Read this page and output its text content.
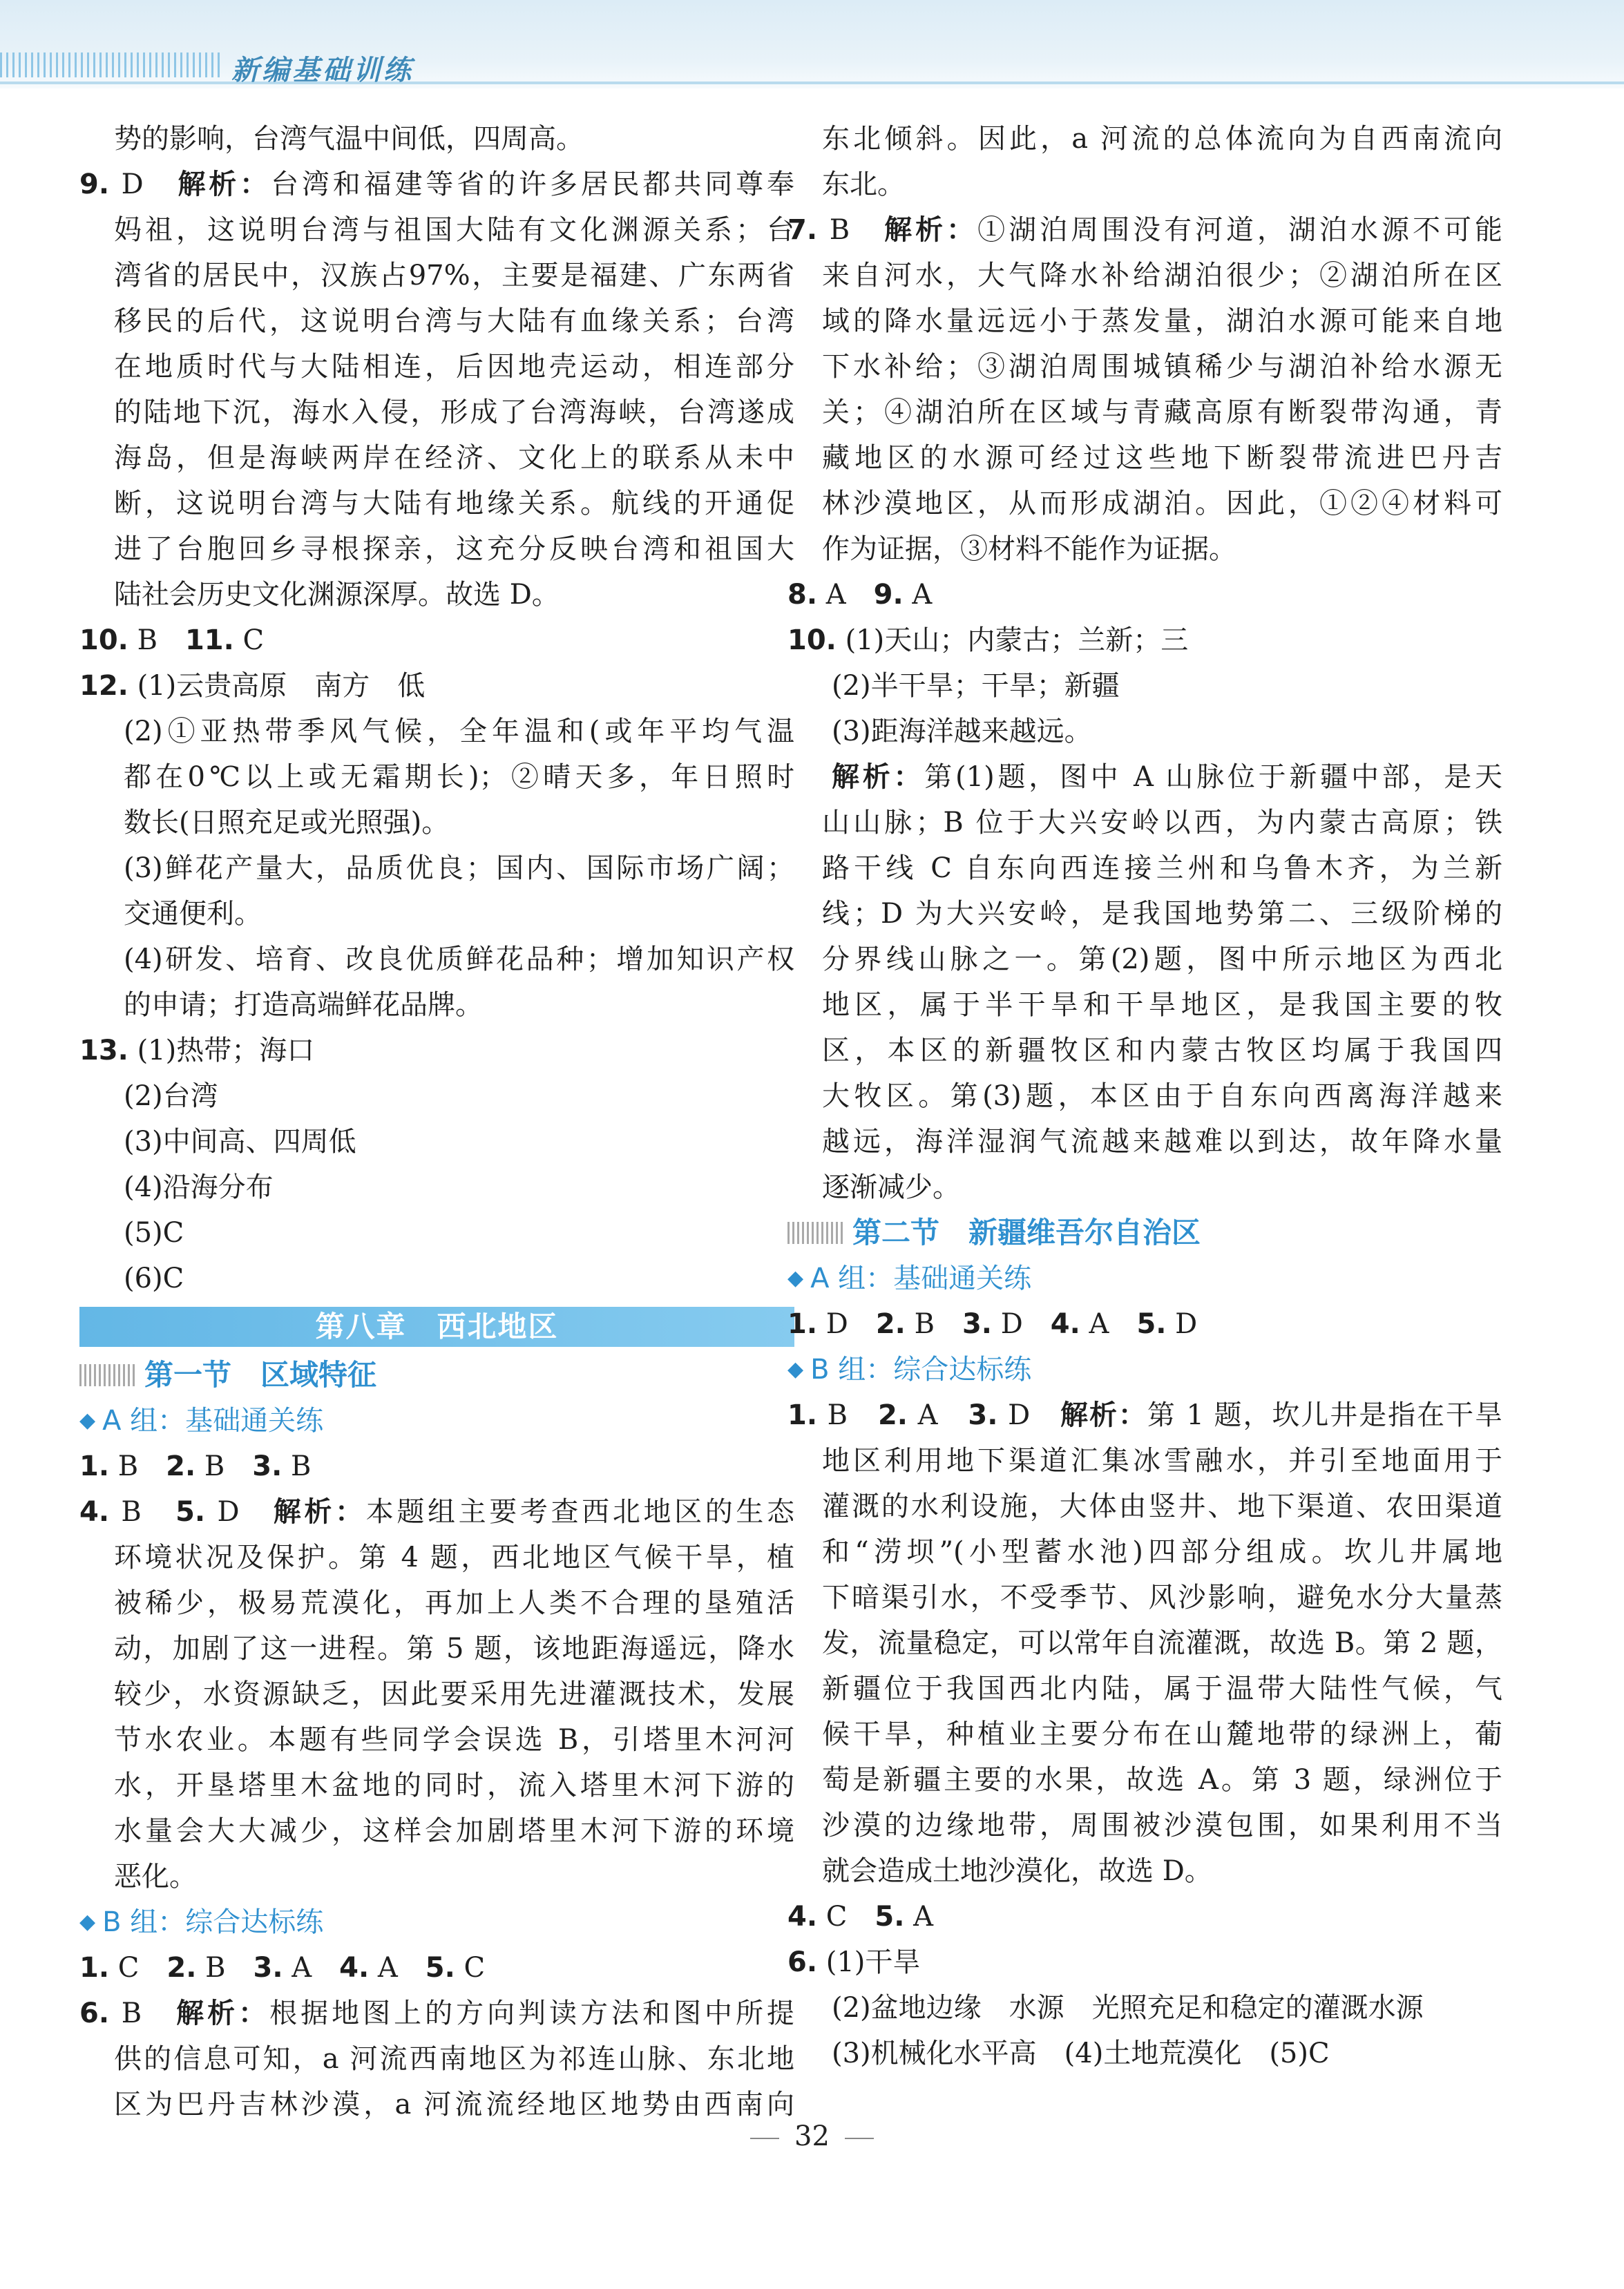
新编基础训练
势的影响，台湾气温中间低，四周高。
9. D　解析：台湾和福建等省的许多居民都共同尊奉
妈祖，这说明台湾与祖国大陆有文化渊源关系；台
湾省的居民中，汉族占97%，主要是福建、广东两省
移民的后代，这说明台湾与大陆有血缘关系；台湾
在地质时代与大陆相连，后因地壳运动，相连部分
的陆地下沉，海水入侵，形成了台湾海峡，台湾遂成
海岛，但是海峡两岸在经济、文化上的联系从未中
断，这说明台湾与大陆有地缘关系。航线的开通促
进了台胞回乡寻根探亲，这充分反映台湾和祖国大
陆社会历史文化渊源深厚。故选 D。
10. B　11. C
12. (1)云贵高原　南方　低
(2)①亚热带季风气候，全年温和(或年平均气温
都在0℃以上或无霜期长)；②晴天多，年日照时
数长(日照充足或光照强)。
(3)鲜花产量大，品质优良；国内、国际市场广阔；
交通便利。
(4)研发、培育、改良优质鲜花品种；增加知识产权
的申请；打造高端鲜花品牌。
13. (1)热带；海口
(2)台湾
(3)中间高、四周低
(4)沿海分布
(5)C
(6)C
第八章　西北地区
第一节　区域特征
◆ A 组：基础通关练
1. B　2. B　3. B
4. B　5. D　解析：本题组主要考查西北地区的生态
环境状况及保护。第 4 题，西北地区气候干旱，植
被稀少，极易荒漠化，再加上人类不合理的垦殖活
动，加剧了这一进程。第 5 题，该地距海遥远，降水
较少，水资源缺乏，因此要采用先进灌溉技术，发展
节水农业。本题有些同学会误选 B，引塔里木河河
水，开垦塔里木盆地的同时，流入塔里木河下游的
水量会大大减少，这样会加剧塔里木河下游的环境
恶化。
◆ B 组：综合达标练
1. C　2. B　3. A　4. A　5. C
6. B　解析：根据地图上的方向判读方法和图中所提
供的信息可知，a 河流西南地区为祁连山脉、东北地
区为巴丹吉林沙漠，a 河流流经地区地势由西南向
东北倾斜。因此，a 河流的总体流向为自西南流向
东北。
7. B　解析：①湖泊周围没有河道，湖泊水源不可能
来自河水，大气降水补给湖泊很少；②湖泊所在区
域的降水量远远小于蒸发量，湖泊水源可能来自地
下水补给；③湖泊周围城镇稀少与湖泊补给水源无
关；④湖泊所在区域与青藏高原有断裂带沟通，青
藏地区的水源可经过这些地下断裂带流进巴丹吉
林沙漠地区，从而形成湖泊。因此，①②④材料可
作为证据，③材料不能作为证据。
8. A　9. A
10. (1)天山；内蒙古；兰新；三
(2)半干旱；干旱；新疆
(3)距海洋越来越远。
解析：第(1)题，图中 A 山脉位于新疆中部，是天
山山脉；B 位于大兴安岭以西，为内蒙古高原；铁
路干线 C 自东向西连接兰州和乌鲁木齐，为兰新
线；D 为大兴安岭，是我国地势第二、三级阶梯的
分界线山脉之一。第(2)题，图中所示地区为西北
地区，属于半干旱和干旱地区，是我国主要的牧
区，本区的新疆牧区和内蒙古牧区均属于我国四
大牧区。第(3)题，本区由于自东向西离海洋越来
越远，海洋湿润气流越来越难以到达，故年降水量
逐渐减少。
第二节　新疆维吾尔自治区
◆ A 组：基础通关练
1. D　2. B　3. D　4. A　5. D
◆ B 组：综合达标练
1. B　2. A　3. D　解析：第 1 题，坎儿井是指在干旱
地区利用地下渠道汇集冰雪融水，并引至地面用于
灌溉的水利设施，大体由竖井、地下渠道、农田渠道
和“涝坝”(小型蓄水池)四部分组成。坎儿井属地
下暗渠引水，不受季节、风沙影响，避免水分大量蒸
发，流量稳定，可以常年自流灌溉，故选 B。第 2 题，
新疆位于我国西北内陆，属于温带大陆性气候，气
候干旱，种植业主要分布在山麓地带的绿洲上，葡
萄是新疆主要的水果，故选 A。第 3 题，绿洲位于
沙漠的边缘地带，周围被沙漠包围，如果利用不当
就会造成土地沙漠化，故选 D。
4. C　5. A
6. (1)干旱
(2)盆地边缘　水源　光照充足和稳定的灌溉水源
(3)机械化水平高　(4)土地荒漠化　(5)C
32
